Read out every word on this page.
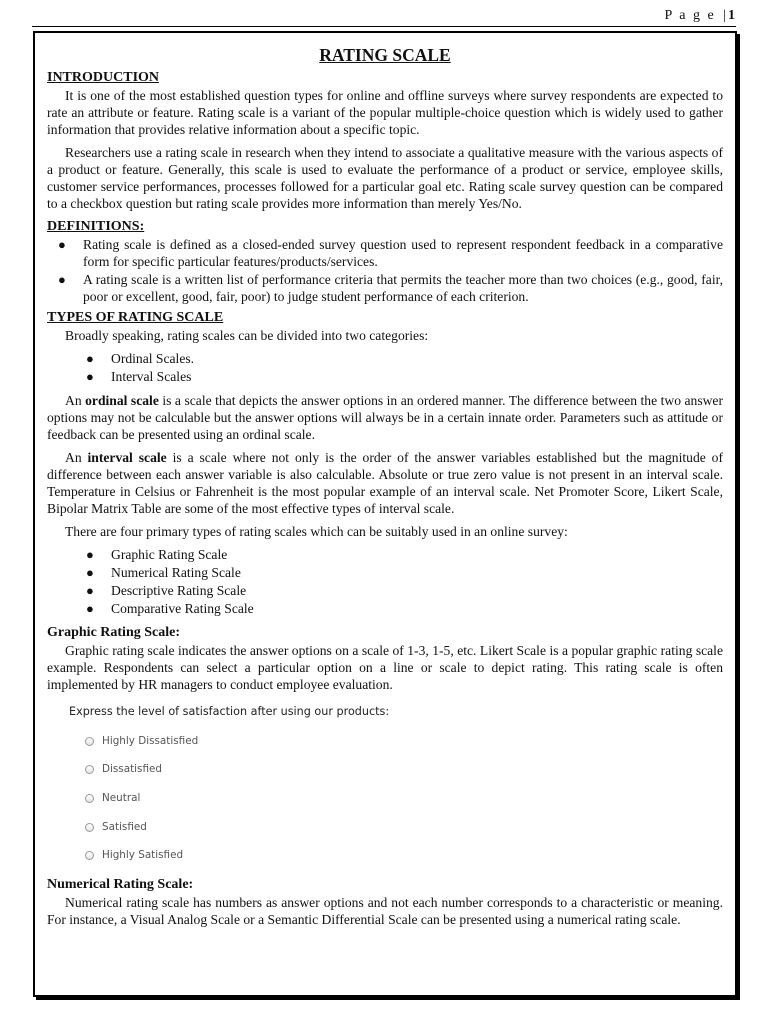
P a g e | 1
RATING SCALE
INTRODUCTION

It is one of the most established question types for online and offline surveys where survey respondents are expected to rate an attribute or feature. Rating scale is a variant of the popular multiple-choice question which is widely used to gather information that provides relative information about a specific topic.

Researchers use a rating scale in research when they intend to associate a qualitative measure with the various aspects of a product or feature. Generally, this scale is used to evaluate the performance of a product or service, employee skills, customer service performances, processes followed for a particular goal etc. Rating scale survey question can be compared to a checkbox question but rating scale provides more information than merely Yes/No.

DEFINITIONS:
● Rating scale is defined as a closed-ended survey question used to represent respondent feedback in a comparative form for specific particular features/products/services.
● A rating scale is a written list of performance criteria that permits the teacher more than two choices (e.g., good, fair, poor or excellent, good, fair, poor) to judge student performance of each criterion.
TYPES OF RATING SCALE

Broadly speaking, rating scales can be divided into two categories:

● Ordinal Scales.
● Interval Scales

An ordinal scale is a scale that depicts the answer options in an ordered manner. The difference between the two answer options may not be calculable but the answer options will always be in a certain innate order. Parameters such as attitude or feedback can be presented using an ordinal scale.

An interval scale is a scale where not only is the order of the answer variables established but the magnitude of difference between each answer variable is also calculable. Absolute or true zero value is not present in an interval scale. Temperature in Celsius or Fahrenheit is the most popular example of an interval scale. Net Promoter Score, Likert Scale, Bipolar Matrix Table are some of the most effective types of interval scale.

There are four primary types of rating scales which can be suitably used in an online survey:

● Graphic Rating Scale
● Numerical Rating Scale
● Descriptive Rating Scale
● Comparative Rating Scale
Graphic Rating Scale:

Graphic rating scale indicates the answer options on a scale of 1-3, 1-5, etc. Likert Scale is a popular graphic rating scale example. Respondents can select a particular option on a line or scale to depict rating. This rating scale is often implemented by HR managers to conduct employee evaluation.

Express the level of satisfaction after using our products:
Highly Dissatisfied
Dissatisfied
Neutral
Satisfied
Highly Satisfied
Numerical Rating Scale:

Numerical rating scale has numbers as answer options and not each number corresponds to a characteristic or meaning. For instance, a Visual Analog Scale or a Semantic Differential Scale can be presented using a numerical rating scale.
